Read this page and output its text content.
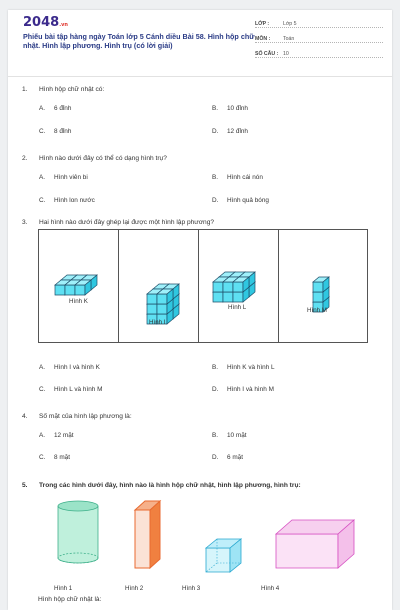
2048.vn
Phiếu bài tập hàng ngày Toán lớp 5 Cánh diều Bài 58. Hình hộp chữ nhật. Hình lập phương. Hình trụ (có lời giải)
LỚP :	Lớp 5
MÔN :	Toán
SỐ CÂU : 10
1. Hình hộp chữ nhật có:
A. 6 đỉnh	B. 10 đỉnh
C. 8 đỉnh	D. 12 đỉnh
2. Hình nào dưới đây có thể có dạng hình trụ?
A. Hình viên bi	B. Hình cái nón
C. Hình lon nước	D. Hình quả bóng
3. Hai hình nào dưới đây ghép lại được một hình lập phương?
Hình K
Hình I
Hình L	Hình M
A. Hình I và hình K	B. Hình K và hình L
C. Hình L và hình M	D. Hình I và hình M
4. Số mặt của hình lập phương là:
A. 12 mặt	B. 10 mặt
C. 8 mặt	D. 6 mặt
5. Trong các hình dưới đây, hình nào là hình hộp chữ nhật, hình lập phương, hình trụ:
Hình 1	Hình 2	Hình 3	Hình 4
Hình hộp chữ nhật là:
